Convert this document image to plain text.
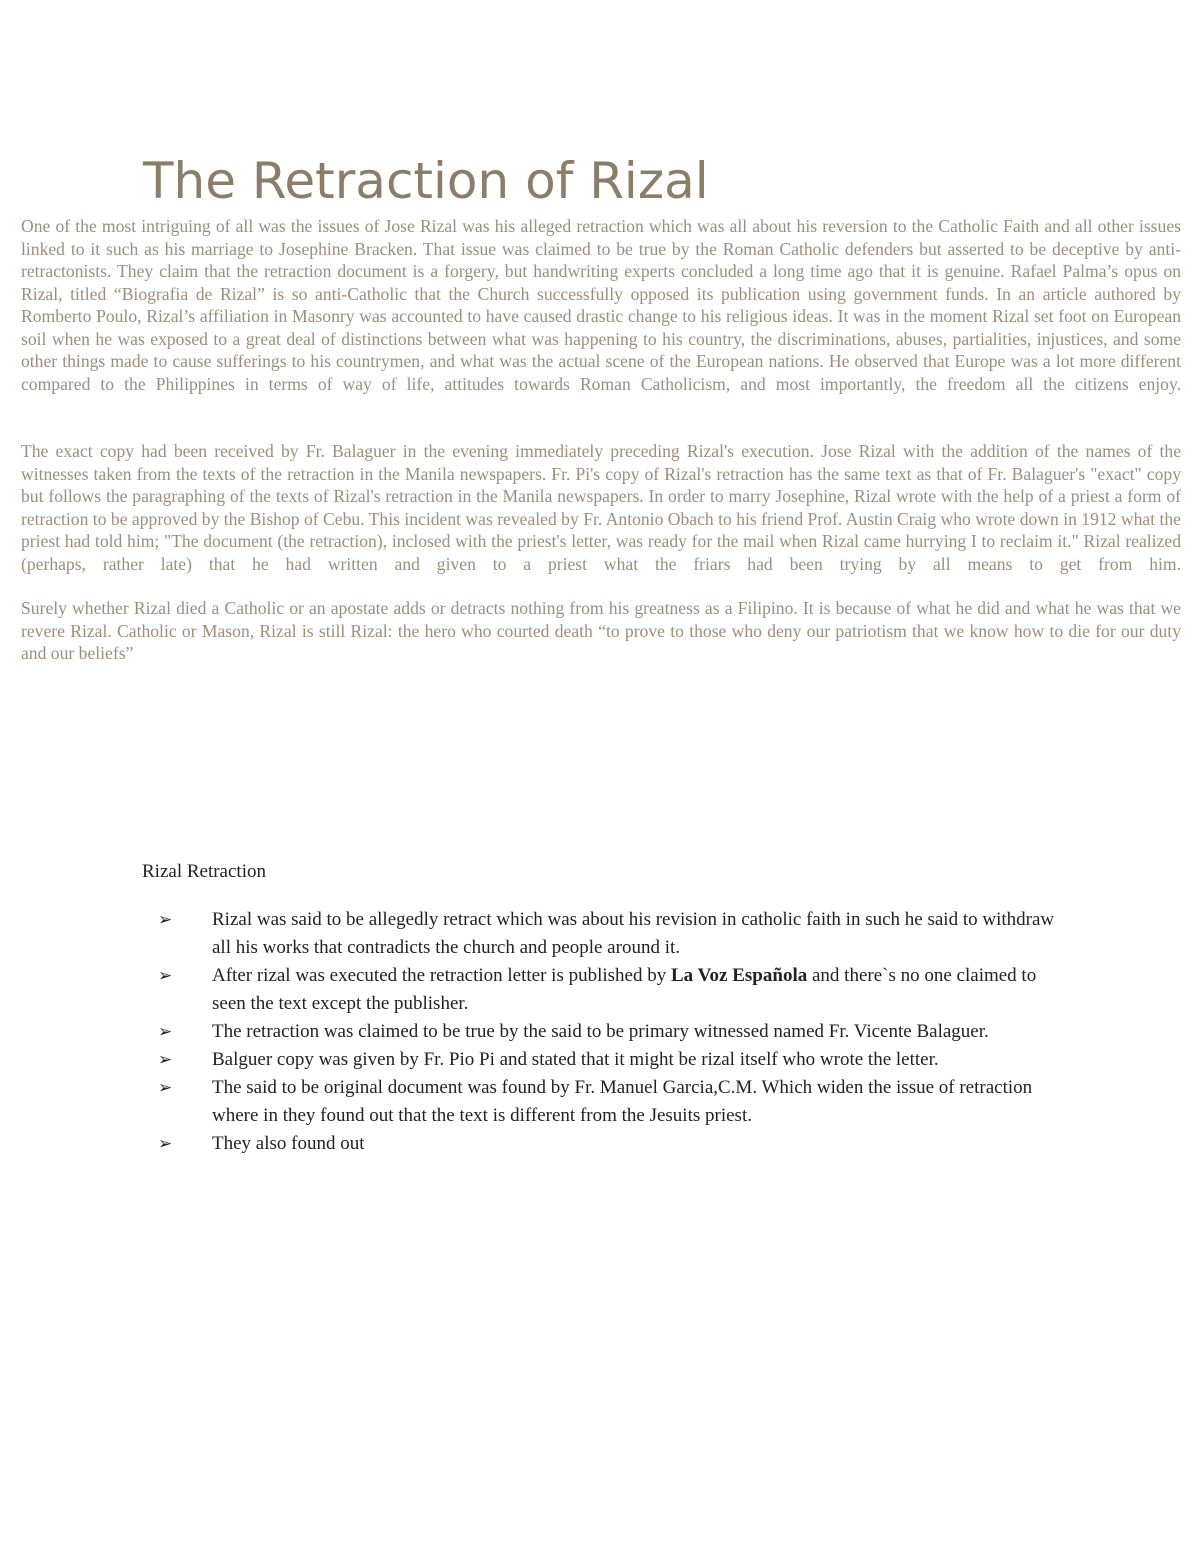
The Retraction of Rizal

One of the most intriguing of all was the issues of Jose Rizal was his alleged retraction which was all about his reversion to the Catholic Faith and all other issues linked to it such as his marriage to Josephine Bracken. That issue was claimed to be true by the Roman Catholic defenders but asserted to be deceptive by anti-retractonists. They claim that the retraction document is a forgery, but handwriting experts concluded a long time ago that it is genuine. Rafael Palma’s opus on Rizal, titled “Biografia de Rizal” is so anti-Catholic that the Church successfully opposed its publication using government funds. In an article authored by Romberto Poulo, Rizal’s affiliation in Masonry was accounted to have caused drastic change to his religious ideas. It was in the moment Rizal set foot on European soil when he was exposed to a great deal of distinctions between what was happening to his country, the discriminations, abuses, partialities, injustices, and some other things made to cause sufferings to his countrymen, and what was the actual scene of the European nations. He observed that Europe was a lot more different compared to the Philippines in terms of way of life, attitudes towards Roman Catholicism, and most importantly, the freedom all the citizens enjoy.

The exact copy had been received by Fr. Balaguer in the evening immediately preceding Rizal's execution. Jose Rizal with the addition of the names of the witnesses taken from the texts of the retraction in the Manila newspapers. Fr. Pi's copy of Rizal's retraction has the same text as that of Fr. Balaguer's "exact" copy but follows the paragraphing of the texts of Rizal's retraction in the Manila newspapers. In order to marry Josephine, Rizal wrote with the help of a priest a form of retraction to be approved by the Bishop of Cebu. This incident was revealed by Fr. Antonio Obach to his friend Prof. Austin Craig who wrote down in 1912 what the priest had told him; "The document (the retraction), inclosed with the priest's letter, was ready for the mail when Rizal came hurrying I to reclaim it." Rizal realized (perhaps, rather late) that he had written and given to a priest what the friars had been trying by all means to get from him.

Surely whether Rizal died a Catholic or an apostate adds or detracts nothing from his greatness as a Filipino. It is because of what he did and what he was that we revere Rizal. Catholic or Mason, Rizal is still Rizal: the hero who courted death “to prove to those who deny our patriotism that we know how to die for our duty and our beliefs”

Rizal Retraction
➢ Rizal was said to be allegedly retract which was about his revision in catholic faith in such he said to withdraw all his works that contradicts the church and people around it.
➢ After rizal was executed the retraction letter is published by La Voz Española and there`s no one claimed to seen the text except the publisher.
➢ The retraction was claimed to be true by the said to be primary witnessed named Fr. Vicente Balaguer.
➢ Balguer copy was given by Fr. Pio Pi and stated that it might be rizal itself who wrote the letter.
➢ The said to be original document was found by Fr. Manuel Garcia,C.M. Which widen the issue of retraction where in they found out that the text is different from the Jesuits priest.
➢ They also found out
